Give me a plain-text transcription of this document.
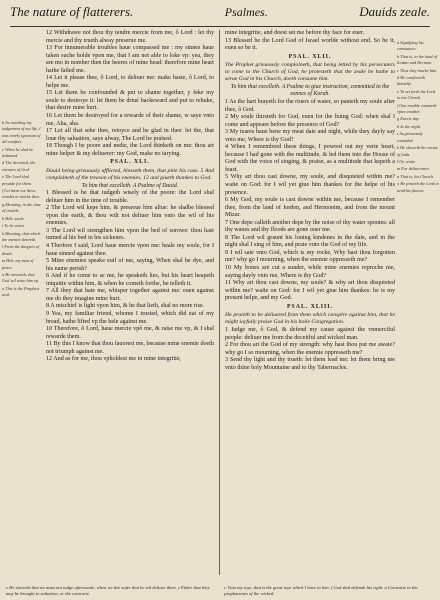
The nature of flatterers.	Psalmes.	Dauids zeale.

b As touching my iudgement of my life, I was verely ignorant of all comfort.

c When he shal be ashamed.

d The deceiued, the enemies of God.

e The Lord shal prouide for them.

f Let them vse these wordes to mocke thee.

g Meaning, in the time of trouble.

h Heb. soule.

i To be eaten.

k Meaning, that which the enemie desireth.

l From the dangers of death.

m Heb. my man of peace.

n He meaneth, that God wil raise him vp.

o This is the Prophets zeal.

12 Withdrawe not thou thy tendre mercie from me, ô Lord : let thy mercie and thy trueth alway preserue me.

13 For innumerable troubles haue compassed me : my sinnes haue taken suche holde vpon me, that I am not able to loke vp: yea, they are mo in nomber then the heeres of mine head: therefore mine heart hathe failed me.

14 Let it please thee, ô Lord, to deliuer me: make haste, ô Lord, to helpe me.

15 Let them be confounded & put to shame together, y feke my soule to destroye it: let them be driué backeward and put to rebuke, that desire mine hurt.

16 Let them be destroyed for a rewarde of their shame, w saye vnto me, Aha, aha.

17 Let all that seke thee, reioyce and be glad in thee: let the, that loue thy saluation, saye alway, The Lord be praised.

18 Though I be poore and nedie, the Lord thinketh on me: thou art mine helper & my deliuerer: my God, make no tarying.

PSAL. XLI.

Dauid being grieuously afflicted, blesseth them, that pitie his case. 5 And complaineth of the treason of his enemies, 12 and giueth thankes to God.

To him that excelleth. A Psalme of Dauid.

1 Blessed is he that iudgeth wisely of the poore: the Lord shal deliuer him in the time of trouble.

2 The Lord wil kepe him, & preserue him aliue: he shalbe blessed vpon the earth, & thou wilt not deliuer him vnto the wil of his enemies.

3 The Lord wil strengthen him vpon the bed of sorowe: thou hast turned al his bed in his sickenes.

4 Therfore I said, Lord haue mercie vpon me: heale my soule, for I haue sinned against thee.

5 Mine enemies speake euil of me, saying, When shal he dye, and his name perish?

6 And if he come to se me, he speaketh lies, but his heart heapeth iniquitie within him, & when he cometh forthe, he telleth it.

7 All they that hate me, whisper together against me: euen against me do they imagine mine hurt.

8 A mischief is light vpon him, & he that lieth, shal no more rise.

9 Yea, my familiar friend, whome I trusted, which did eat of my bread, hathe lifted vp the hele against me.

10 Therefore, ô Lord, haue mercie vpô me, & raise me vp, & I shal rewarde them.

11 By this I know that thou fauorest me, because mine enemie doeth not triumph against me.

12 And as for me, thou vpholdest me in mine integritie,

mine integritie, and doest set me before thy face for euer.

13 Blessed be the Lord God of Israel worlde without end. So be it, euen so be it.

PSAL. XLII.

The Prophet grieuously complaineth, that being letted by his persecuters to come to the Church of God, he protesteth that the zeale he hathe to serue God in his Church, doeth consume him.

To him that excelleth. A Psalme to giue instruction, committed to the sonnes of Korah.

1 As the hart brayeth for the riuers of water, so panteth my soule after thee, ô God.

2 My soule thirsteth for God, euen for the liuing God: when shal I come and appeare before the presence of God?

3 My teares haue bene my meat daie and night, while they dayly say vnto me, Where is thy God?

4 When I remembred these things, I powred out my verie heart, because I had gone with the multitude, & led them into the House of God with the voice of singing, & praise, as a multitude that kepeth a feast.

5 Why art thou cast downe, my soule, and disquieted within me? waite on God: for I wil yet giue him thankes for the helpe of his presence.

6 My God, my soule is cast downe within me, because I remember thee, from the land of Iorden, and Hermonim, and from the mount Mizar.

7 One depe calleth another depe by the noise of thy water spoutes: all thy waues and thy floods are gone ouer me.

8 The Lord wil graunt his louing kindenes in the daie, and in the night shal I sing of him, and praie vnto the God of my life.

9 I wil saie vnto God, which is my rocke, Why hast thou forgotten me? why go I mourning, when the enemie oppresseth me?

10 My bones are cut a sunder, while mine enemies reproche me, saying dayly vnto me, Where is thy God?

11 Why art thou cast downe, my soule? & why art thou disquieted within me? waite on God: for I wil yet giue him thankes: he is my present helpe, and my God.

PSAL. XLIII.

He praieth to be deliuered from them which conspire against him, that he might ioyfully praise God in his holie Congregation.

1 Iudge me, ô God, & defend my cause against the vnmerciful people: deliuer me from the deceitful and wicked man.

2 For thou art the God of my strength: why hast thou put me awaie? why go I so mourning, when the enemie oppresseth me?

3 Send thy light and thy trueth: let them lead me: let them bring me vnto thine holy Mountaine and to thy Tabernacles.

a Signifying his constancie.

b That is, in the land of Iordan and Hermon.

c Thus they mocke him.

d He comforteth himselfe.

e To set forth the Lord in his Church.

f One trouble commeth vpon another.

g Euerie day.

h In the night.

i As grieuously wounded.

k He sheweth the vertue of faith.

l Or, waite.

m For deliuerance.

n That is, his Church.

o He praieth the Lord to send his fauour.

c He sheweth that we must not iudge afterwarde, when we doe sufer that he wil deliuer them. y Either that they may be brought to saluation, or the contrarie.
c Vnto my ioye, that is the great ioye which I have in him. f God shal defende his right. a Contrarie to the prophanenes of the wicked.
